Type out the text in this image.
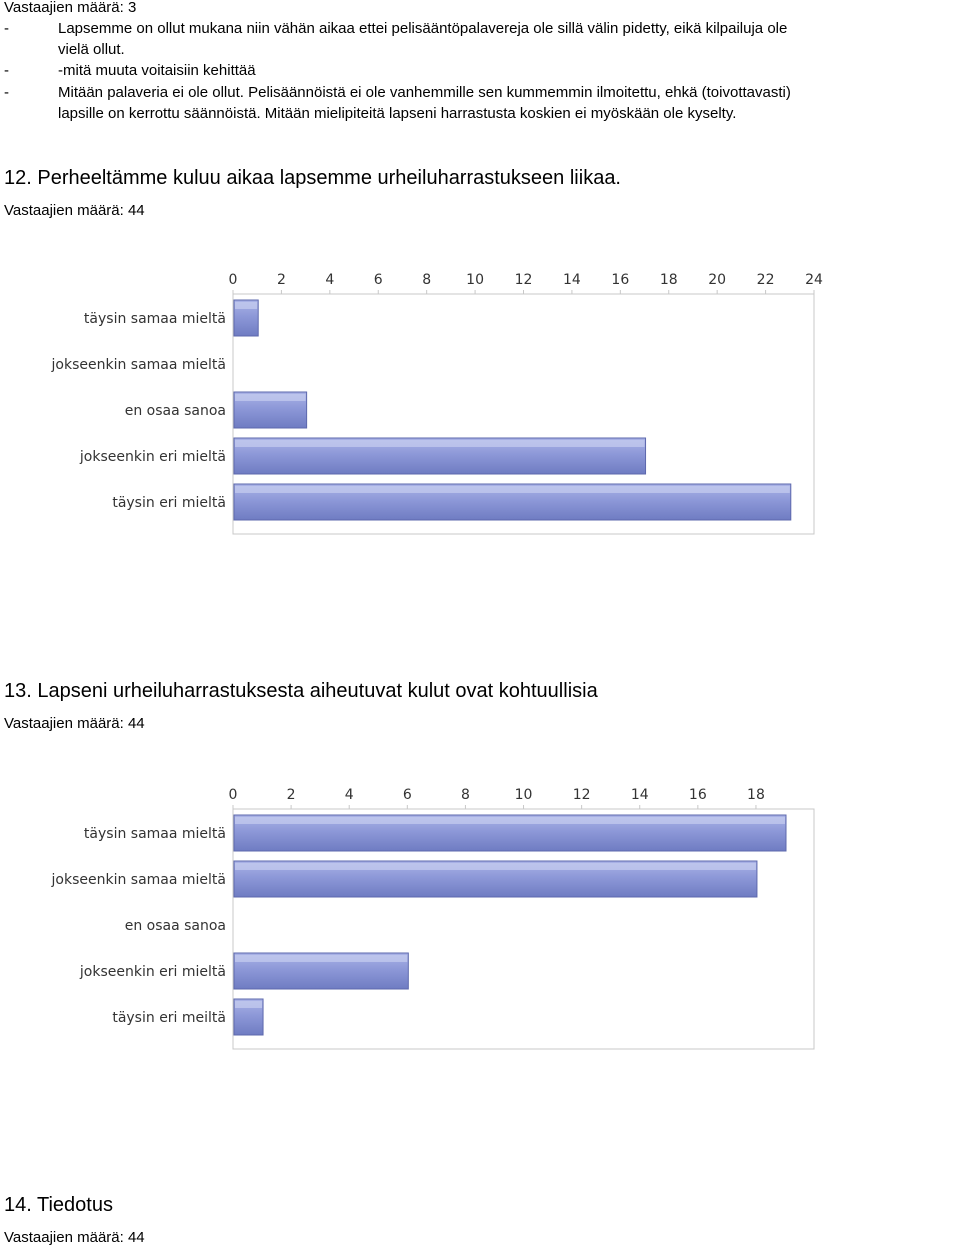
Vastaajien määrä: 3
-	Lapsemme on ollut mukana niin vähän aikaa ettei pelisääntöpalavereja ole sillä välin pidetty, eikä kilpailuja ole
vielä ollut.
-	-mitä muuta voitaisiin kehittää
-	Mitään palaveria ei ole ollut. Pelisäännöistä ei ole vanhemmille sen kummemmin ilmoitettu, ehkä (toivottavasti)
lapsille on kerrottu säännöistä. Mitään mielipiteitä lapseni harrastusta koskien ei myöskään ole kyselty.
12. Perheeltämme kuluu aikaa lapsemme urheiluharrastukseen liikaa.
Vastaajien määrä: 44
0	2	4	6	8	10 12 14 16 18 20 22 24
täysin samaa mieltä
jokseenkin samaa mieltä
en osaa sanoa
jokseenkin eri mieltä
täysin eri mieltä
13. Lapseni urheiluharrastuksesta aiheutuvat kulut ovat kohtuullisia
Vastaajien määrä: 44
0	2	4	6	8	10	12	14	16	18
täysin samaa mieltä
jokseenkin samaa mieltä
en osaa sanoa
jokseenkin eri mieltä
täysin eri meiltä
14. Tiedotus
Vastaajien määrä: 44
